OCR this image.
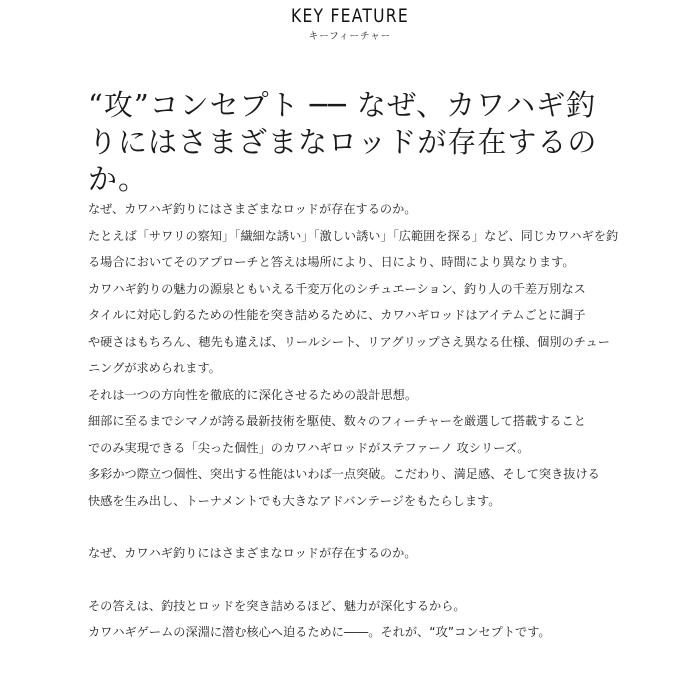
KEY FEATURE
キーフィーチャー
“攻”コンセプト ── なぜ、カワハギ釣
りにはさまざまなロッドが存在するの
か。

なぜ、カワハギ釣りにはさまざまなロッドが存在するのか。

たとえば「サワリの察知」「繊細な誘い」「激しい誘い」「広範囲を探る」など、同じカワハギを釣

る場合においてそのアプローチと答えは場所により、日により、時間により異なります。

カワハギ釣りの魅力の源泉ともいえる千変万化のシチュエーション、釣り人の千差万別なス

タイルに対応し釣るための性能を突き詰めるために、カワハギロッドはアイテムごとに調子

や硬さはもちろん、穂先も違えば、リールシート、リアグリップさえ異なる仕様、個別のチュー

ニングが求められます。

それは一つの方向性を徹底的に深化させるための設計思想。

細部に至るまでシマノが誇る最新技術を駆使、数々のフィーチャーを厳選して搭載すること

でのみ実現できる「尖った個性」のカワハギロッドがステファーノ 攻シリーズ。

多彩かつ際立つ個性、突出する性能はいわば一点突破。こだわり、満足感、そして突き抜ける

快感を生み出し、トーナメントでも大きなアドバンテージをもたらします。

なぜ、カワハギ釣りにはさまざまなロッドが存在するのか。

その答えは、釣技とロッドを突き詰めるほど、魅力が深化するから。

カワハギゲームの深淵に潜む核心へ迫るために――。それが、“攻”コンセプトです。
